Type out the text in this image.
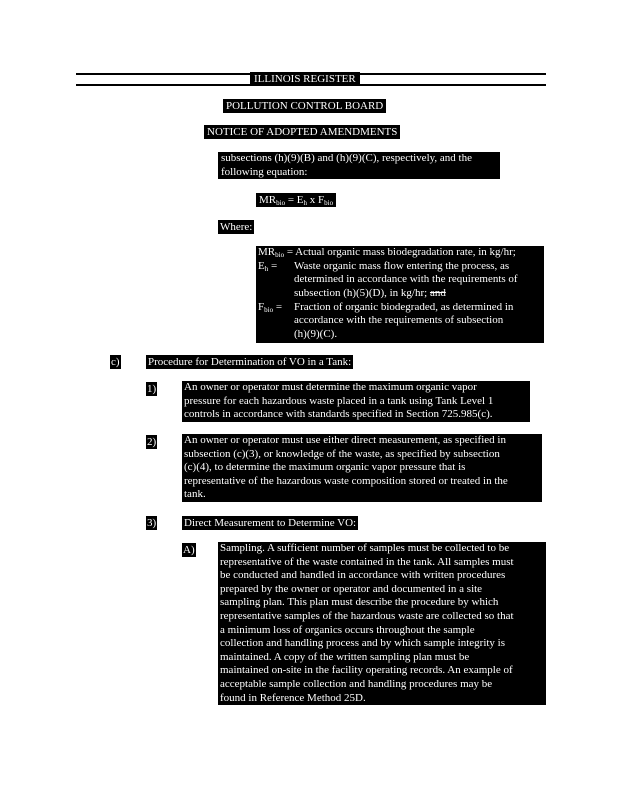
ILLINOIS REGISTER
POLLUTION CONTROL BOARD
NOTICE OF ADOPTED AMENDMENTS
subsections (h)(9)(B) and (h)(9)(C), respectively, and the
following equation:
$MR_{bio} = E_h$ x $F_{bio}$
Where:
$MR_{bio}$ = Actual organic mass biodegradation rate, in kg/hr;
$E_h$ = Waste organic mass flow entering the process, as
determined in accordance with the requirements of
subsection (h)(5)(D), in kg/hr; and
$F_{bio}$ = Fraction of organic biodegraded, as determined in
accordance with the requirements of subsection
(h)(9)(C).
c)	Procedure for Determination of VO in a Tank:
1)	An owner or operator must determine the maximum organic vapor
pressure for each hazardous waste placed in a tank using Tank Level 1
controls in accordance with standards specified in Section 725.985(c).
2)	An owner or operator must use either direct measurement, as specified in
subsection (c)(3), or knowledge of the waste, as specified by subsection
(c)(4), to determine the maximum organic vapor pressure that is
representative of the hazardous waste composition stored or treated in the
tank.
3)	Direct Measurement to Determine VO:
A) Sampling. A sufficient number of samples must be collected to be
representative of the waste contained in the tank. All samples must
be conducted and handled in accordance with written procedures
prepared by the owner or operator and documented in a site
sampling plan. This plan must describe the procedure by which
representative samples of the hazardous waste are collected so that
a minimum loss of organics occurs throughout the sample
collection and handling process and by which sample integrity is
maintained. A copy of the written sampling plan must be
maintained on-site in the facility operating records. An example of
acceptable sample collection and handling procedures may be
found in Reference Method 25D.
